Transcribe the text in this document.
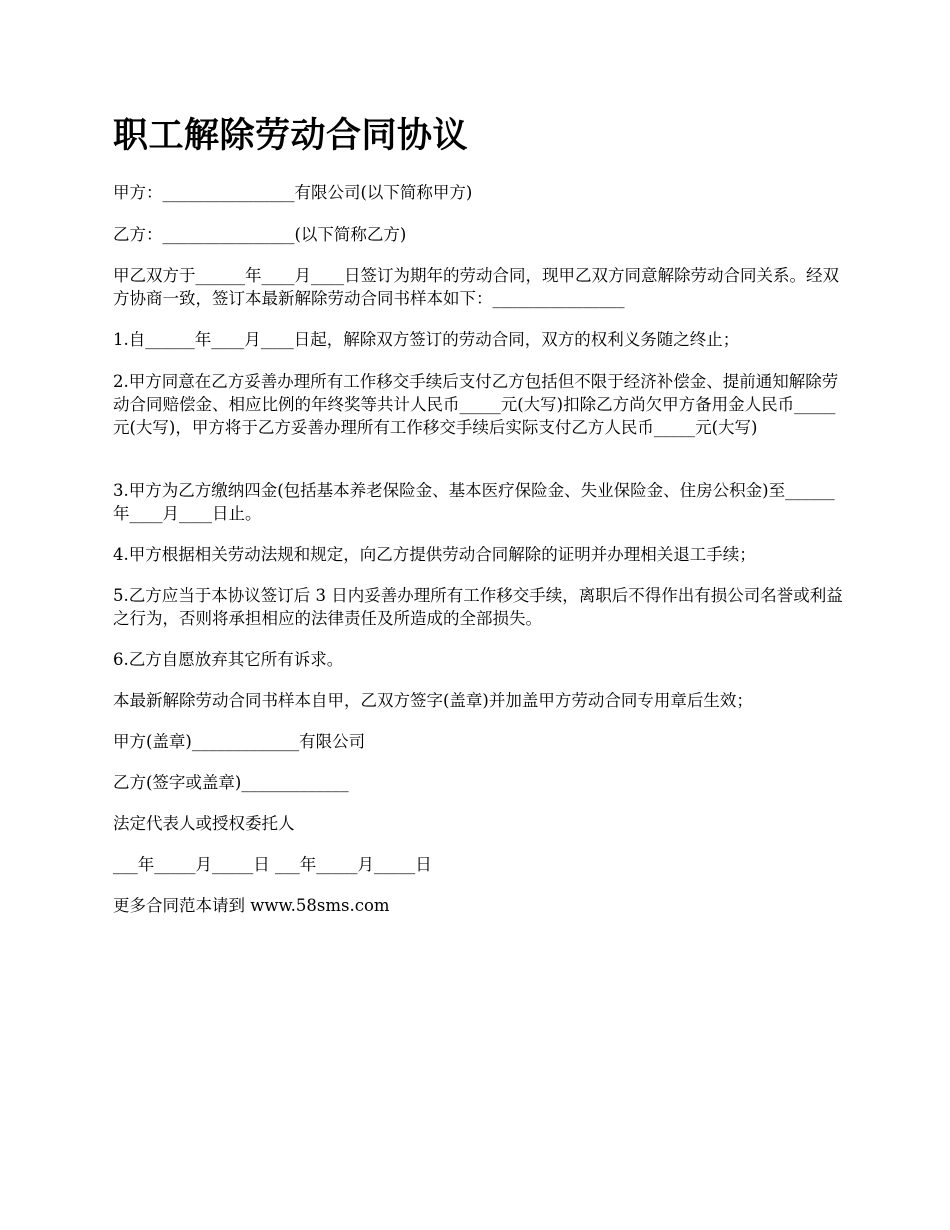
职工解除劳动合同协议

甲方：________________有限公司(以下简称甲方)

乙方：________________(以下简称乙方)

甲乙双方于______年____月____日签订为期年的劳动合同，现甲乙双方同意解除劳动合同关系。经双方协商一致，签订本最新解除劳动合同书样本如下：________________

1.自______年____月____日起，解除双方签订的劳动合同，双方的权利义务随之终止；

2.甲方同意在乙方妥善办理所有工作移交手续后支付乙方包括但不限于经济补偿金、提前通知解除劳动合同赔偿金、相应比例的年终奖等共计人民币_____元(大写)扣除乙方尚欠甲方备用金人民币_____元(大写)，甲方将于乙方妥善办理所有工作移交手续后实际支付乙方人民币_____元(大写)

3.甲方为乙方缴纳四金(包括基本养老保险金、基本医疗保险金、失业保险金、住房公积金)至______年____月____日止。

4.甲方根据相关劳动法规和规定，向乙方提供劳动合同解除的证明并办理相关退工手续；

5.乙方应当于本协议签订后 3 日内妥善办理所有工作移交手续，离职后不得作出有损公司名誉或利益之行为，否则将承担相应的法律责任及所造成的全部损失。

6.乙方自愿放弃其它所有诉求。

本最新解除劳动合同书样本自甲，乙双方签字(盖章)并加盖甲方劳动合同专用章后生效；

甲方(盖章)_____________有限公司

乙方(签字或盖章)_____________

法定代表人或授权委托人

___年_____月_____日 ___年_____月_____日

更多合同范本请到 www.58sms.com
